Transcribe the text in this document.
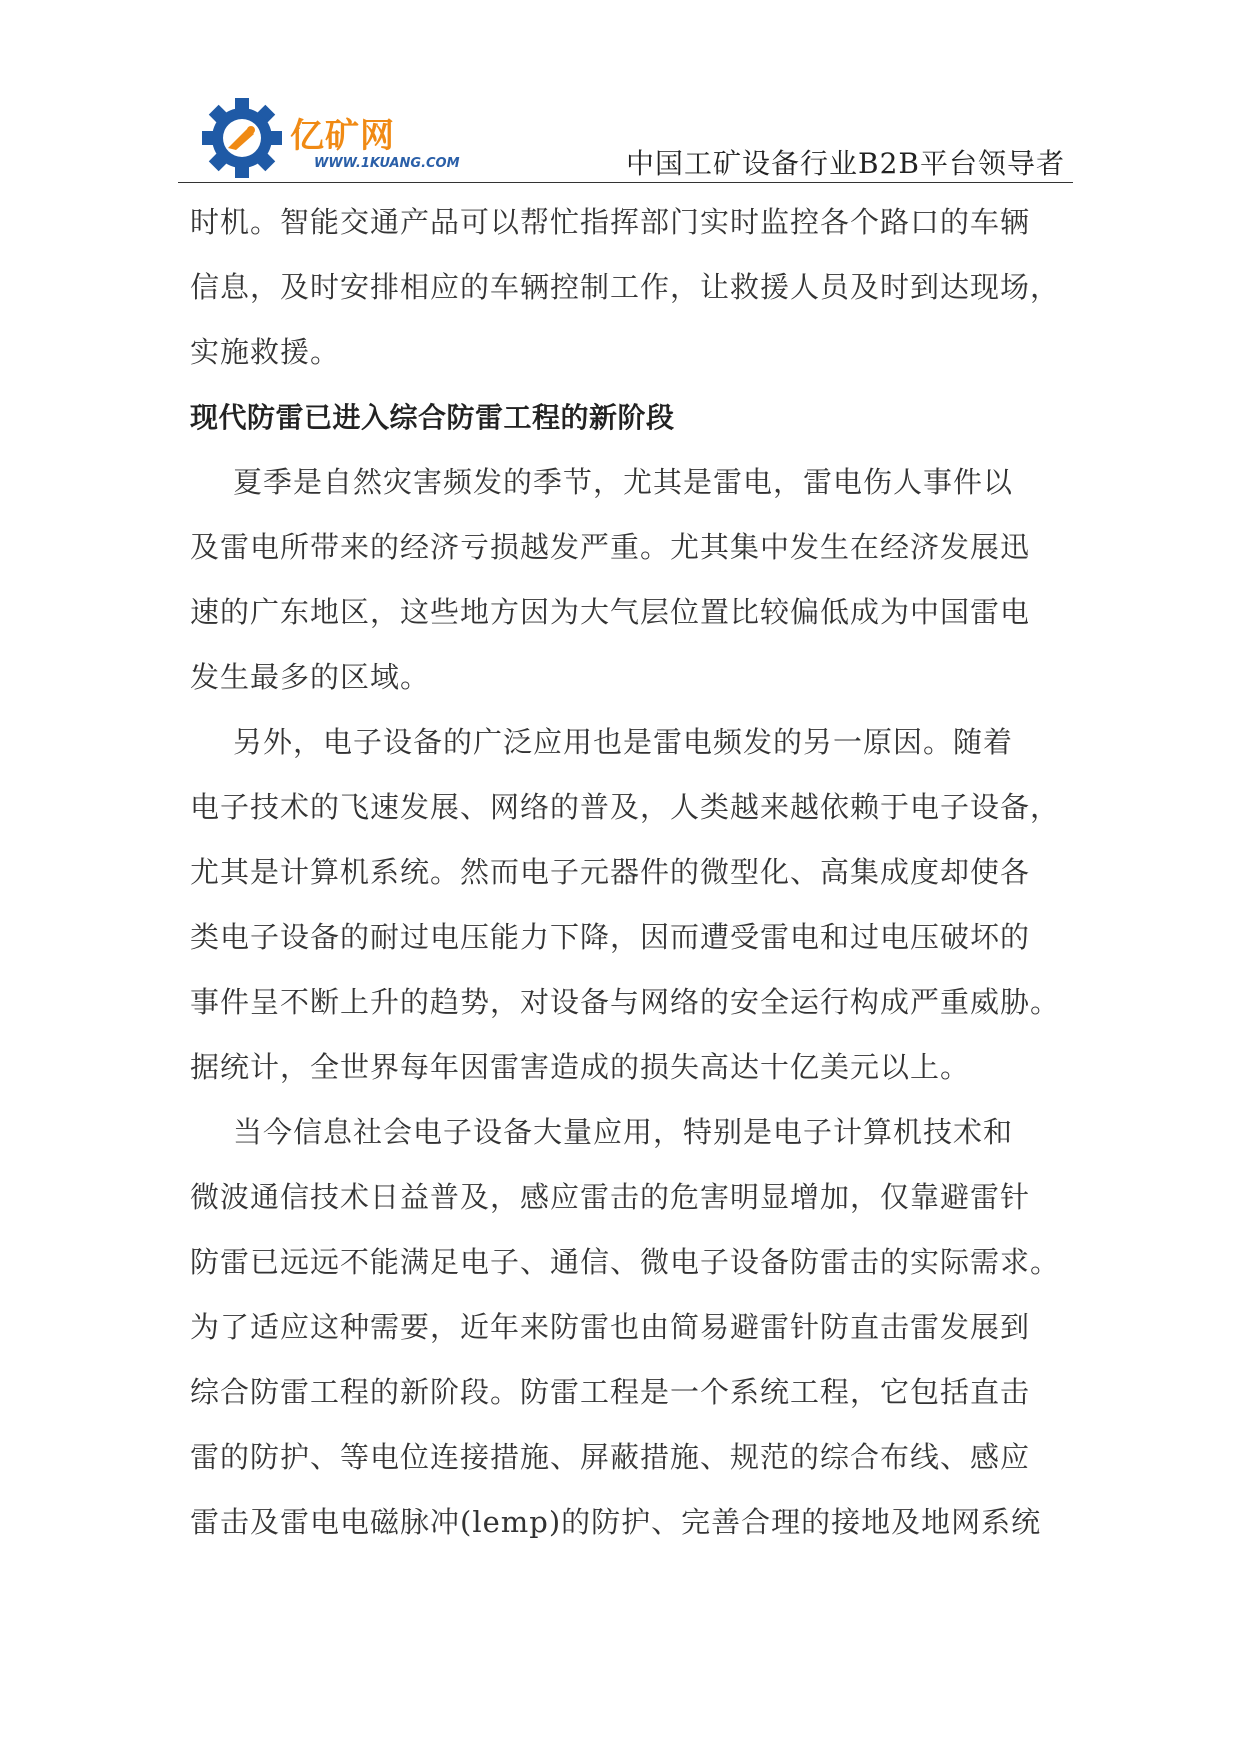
亿矿网
WWW.1KUANG.COM	中国工矿设备行业B2B平台领导者
时机。智能交通产品可以帮忙指挥部门实时监控各个路口的车辆
信息，及时安排相应的车辆控制工作，让救援人员及时到达现场，
实施救援。
现代防雷已进入综合防雷工程的新阶段
夏季是自然灾害频发的季节，尤其是雷电，雷电伤人事件以
及雷电所带来的经济亏损越发严重。尤其集中发生在经济发展迅
速的广东地区，这些地方因为大气层位置比较偏低成为中国雷电
发生最多的区域。
另外，电子设备的广泛应用也是雷电频发的另一原因。随着
电子技术的飞速发展、网络的普及，人类越来越依赖于电子设备，
尤其是计算机系统。然而电子元器件的微型化、高集成度却使各
类电子设备的耐过电压能力下降，因而遭受雷电和过电压破坏的
事件呈不断上升的趋势，对设备与网络的安全运行构成严重威胁。
据统计，全世界每年因雷害造成的损失高达十亿美元以上。
当今信息社会电子设备大量应用，特别是电子计算机技术和
微波通信技术日益普及，感应雷击的危害明显增加，仅靠避雷针
防雷已远远不能满足电子、通信、微电子设备防雷击的实际需求。
为了适应这种需要，近年来防雷也由简易避雷针防直击雷发展到
综合防雷工程的新阶段。防雷工程是一个系统工程，它包括直击
雷的防护、等电位连接措施、屏蔽措施、规范的综合布线、感应
雷击及雷电电磁脉冲(lemp)的防护、完善合理的接地及地网系统
